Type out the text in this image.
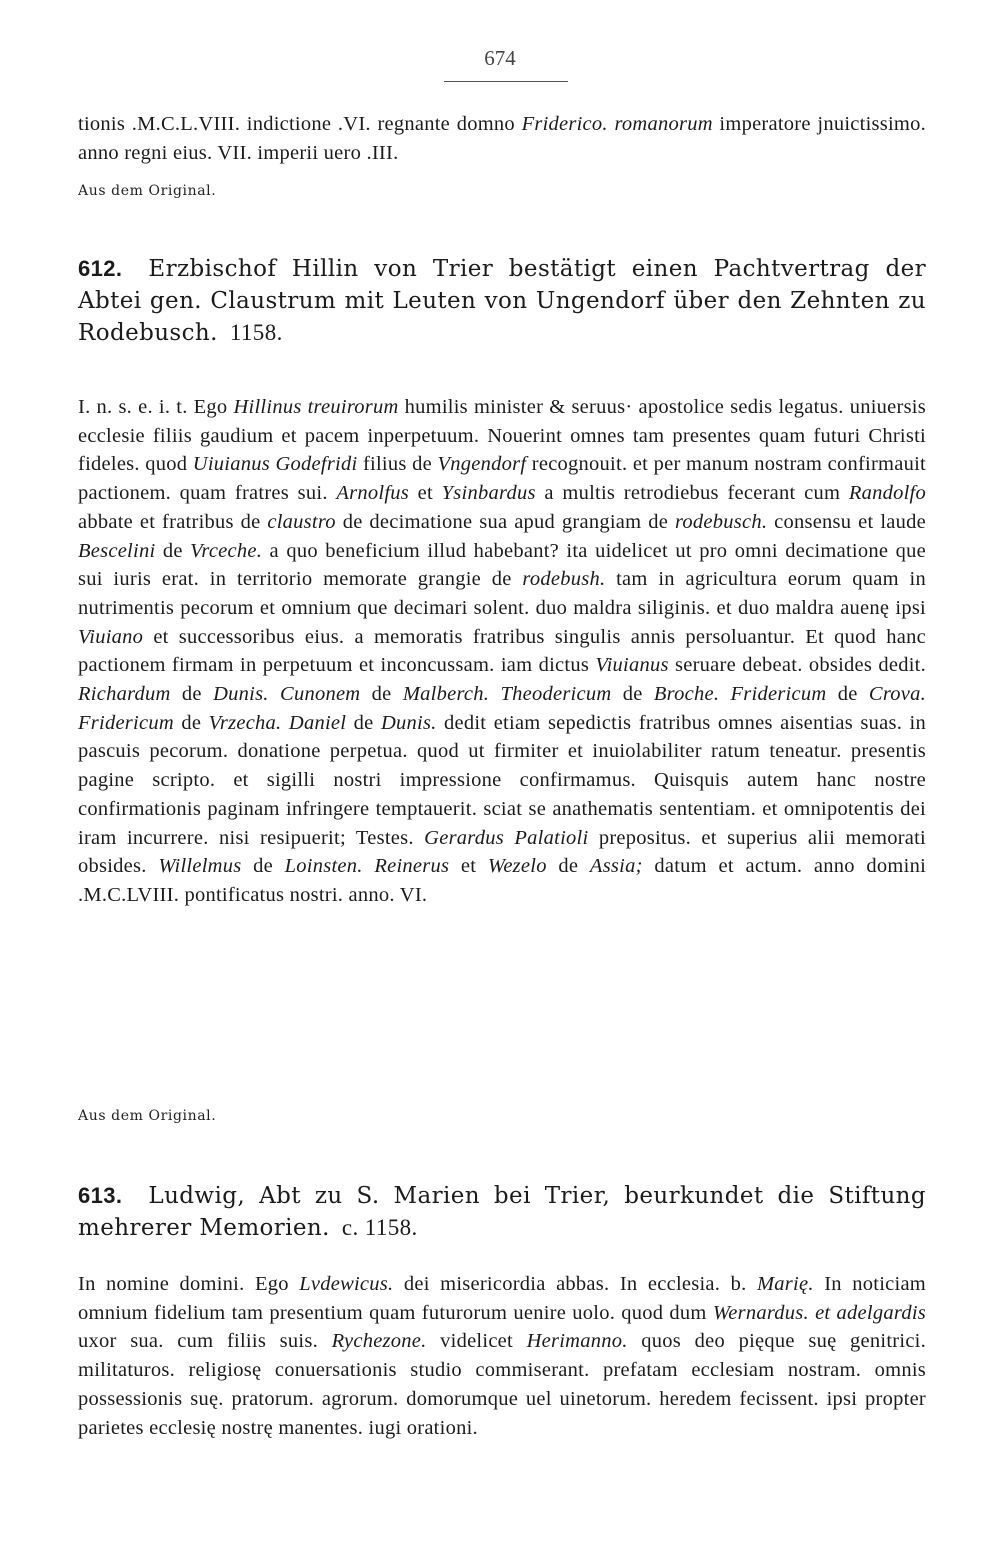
674

tionis .M.C.L.VIII. indictione .VI. regnante domno Friderico. romanorum imperatore jnuictissimo. anno regni eius. VII. imperii uero .III.

Aus dem Original.

612. Erzbischof Hillin von Trier bestätigt einen Pachtvertrag der Abtei gen. Claustrum mit Leuten von Ungendorf über den Zehnten zu Rodebusch. 1158.

I. n. s. e. i. t. Ego Hillinus treuirorum humilis minister & seruus· apostolice sedis legatus. uniuersis ecclesie filiis gaudium et pacem inperpetuum. Nouerint omnes tam presentes quam futuri Christi fideles. quod Uiuianus Godefridi filius de Vngendorf recognouit. et per manum nostram confirmauit pactionem. quam fratres sui. Arnolfus et Ysinbardus a multis retrodiebus fecerant cum Randolfo abbate et fratribus de claustro de decimatione sua apud grangiam de rodebusch. consensu et laude Bescelini de Vrceche. a quo beneficium illud habebant? ita uidelicet ut pro omni decimatione que sui iuris erat. in territorio memorate grangie de rodebush. tam in agricultura eorum quam in nutrimentis pecorum et omnium que decimari solent. duo maldra siliginis. et duo maldra auenę ipsi Viuiano et successoribus eius. a memoratis fratribus singulis annis persoluantur. Et quod hanc pactionem firmam in perpetuum et inconcussam. iam dictus Viuianus seruare debeat. obsides dedit. Richardum de Dunis. Cunonem de Malberch. Theodericum de Broche. Fridericum de Crova. Fridericum de Vrzecha. Daniel de Dunis. dedit etiam sepedictis fratribus omnes aisentias suas. in pascuis pecorum. donatione perpetua. quod ut firmiter et inuiolabiliter ratum teneatur. presentis pagine scripto. et sigilli nostri impressione confirmamus. Quisquis autem hanc nostre confirmationis paginam infringere temptauerit. sciat se anathematis sententiam. et omnipotentis dei iram incurrere. nisi resipuerit; Testes. Gerardus Palatioli prepositus. et superius alii memorati obsides. Willelmus de Loinsten. Reinerus et Wezelo de Assia; datum et actum. anno domini .M.C.LVIII. pontificatus nostri. anno. VI.

Aus dem Original.

613. Ludwig, Abt zu S. Marien bei Trier, beurkundet die Stiftung mehrerer Memorien. c. 1158.

In nomine domini. Ego Lvdewicus. dei misericordia abbas. In ecclesia. b. Marię. In noticiam omnium fidelium tam presentium quam futurorum uenire uolo. quod dum Wernardus. et adelgardis uxor sua. cum filiis suis. Rychezone. videlicet Herimanno. quos deo pięque suę genitrici. militaturos. religiosę conuersationis studio commiserant. prefatam ecclesiam nostram. omnis possessionis suę. pratorum. agrorum. domorumque uel uinetorum. heredem fecissent. ipsi propter parietes ecclesię nostrę manentes. iugi orationi.
